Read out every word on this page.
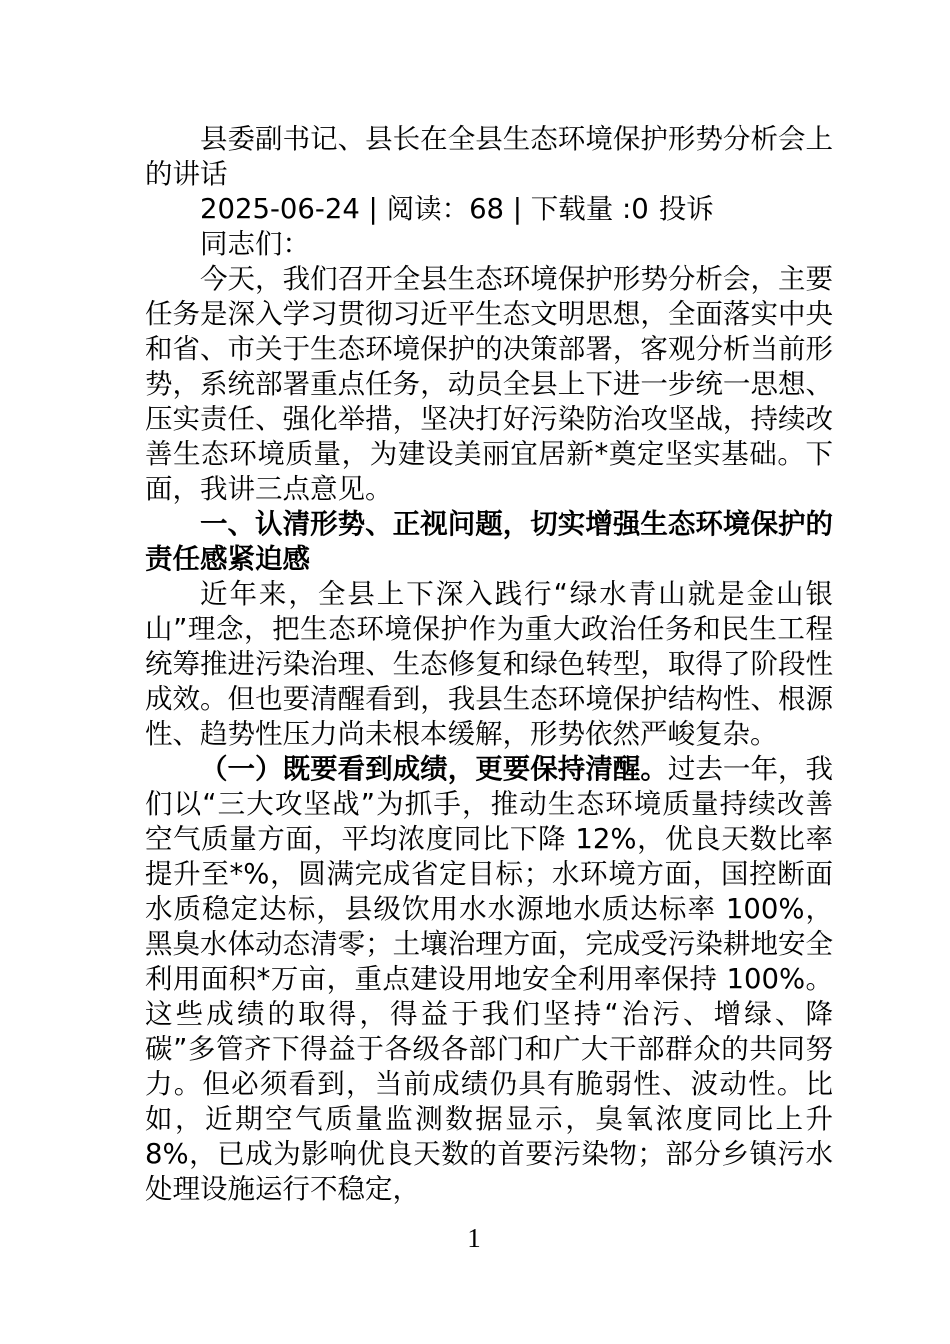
县委副书记、县长在全县生态环境保护形势分析会上的讲话

2025-06-24 | 阅读：68 | 下载量 :0 投诉

同志们：

今天，我们召开全县生态环境保护形势分析会，主要任务是深入学习贯彻习近平生态文明思想，全面落实中央和省、市关于生态环境保护的决策部署，客观分析当前形势，系统部署重点任务，动员全县上下进一步统一思想、压实责任、强化举措，坚决打好污染防治攻坚战，持续改善生态环境质量，为建设美丽宜居新*奠定坚实基础。下面，我讲三点意见。

一、认清形势、正视问题，切实增强生态环境保护的责任感紧迫感

近年来，全县上下深入践行“绿水青山就是金山银山”理念，把生态环境保护作为重大政治任务和民生工程统筹推进污染治理、生态修复和绿色转型，取得了阶段性成效。但也要清醒看到，我县生态环境保护结构性、根源性、趋势性压力尚未根本缓解，形势依然严峻复杂。

（一）既要看到成绩，更要保持清醒。过去一年，我们以“三大攻坚战”为抓手，推动生态环境质量持续改善空气质量方面，平均浓度同比下降 12%，优良天数比率提升至*%，圆满完成省定目标；水环境方面，国控断面水质稳定达标，县级饮用水水源地水质达标率 100%，黑臭水体动态清零；土壤治理方面，完成受污染耕地安全利用面积*万亩，重点建设用地安全利用率保持 100%。这些成绩的取得，得益于我们坚持“治污、增绿、降碳”多管齐下得益于各级各部门和广大干部群众的共同努力。但必须看到，当前成绩仍具有脆弱性、波动性。比如，近期空气质量监测数据显示，臭氧浓度同比上升 8%，已成为影响优良天数的首要污染物；部分乡镇污水处理设施运行不稳定，

1
